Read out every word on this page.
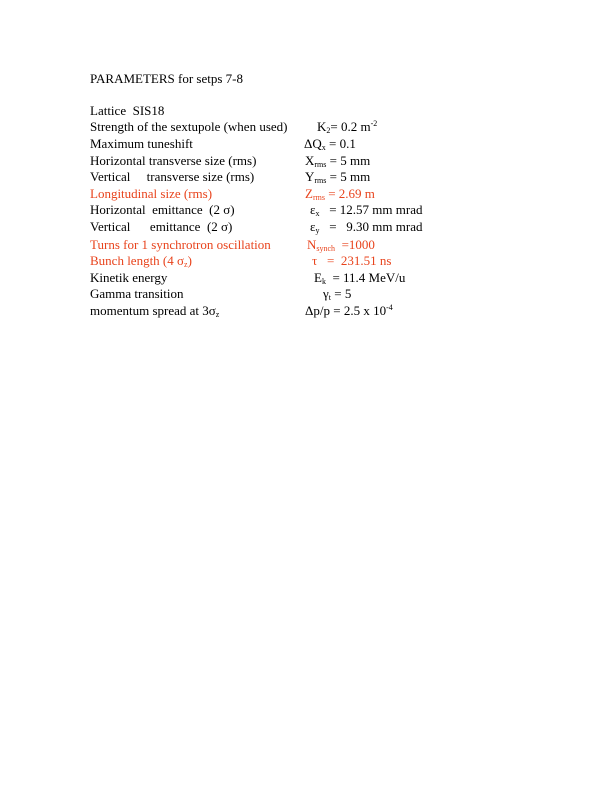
PARAMETERS for setps 7-8
Lattice  SIS18
Strength of the sextupole (when used) $K_2= 0.2$ $m^{-2}$
Maximum tuneshift	$\Delta Q_x = 0.1$
Horizontal transverse size (rms)	$X_{rms} = 5$ mm
Vertical     transverse size (rms)	$Y_{rms} = 5$ mm
Longitudinal size (rms)	$Z_{rms} = 2.69$ m
Horizontal  emittance  (2 σ)	$\varepsilon_x = 12.57$ mm mrad
Vertical      emittance  (2 σ)	$\varepsilon_y = 9.30$ mm mrad
Turns for 1 synchrotron oscillation	$N_{synch} =1000$
Bunch length (4 $\sigma_z$)	τ   =  231.51 ns
Kinetik energy	$E_k = 11.4$ MeV/u
Gamma transition	$\gamma_t = 5$
momentum spread at $3\sigma_z$	Δp/p = 2.5 x $10^{-4}$
